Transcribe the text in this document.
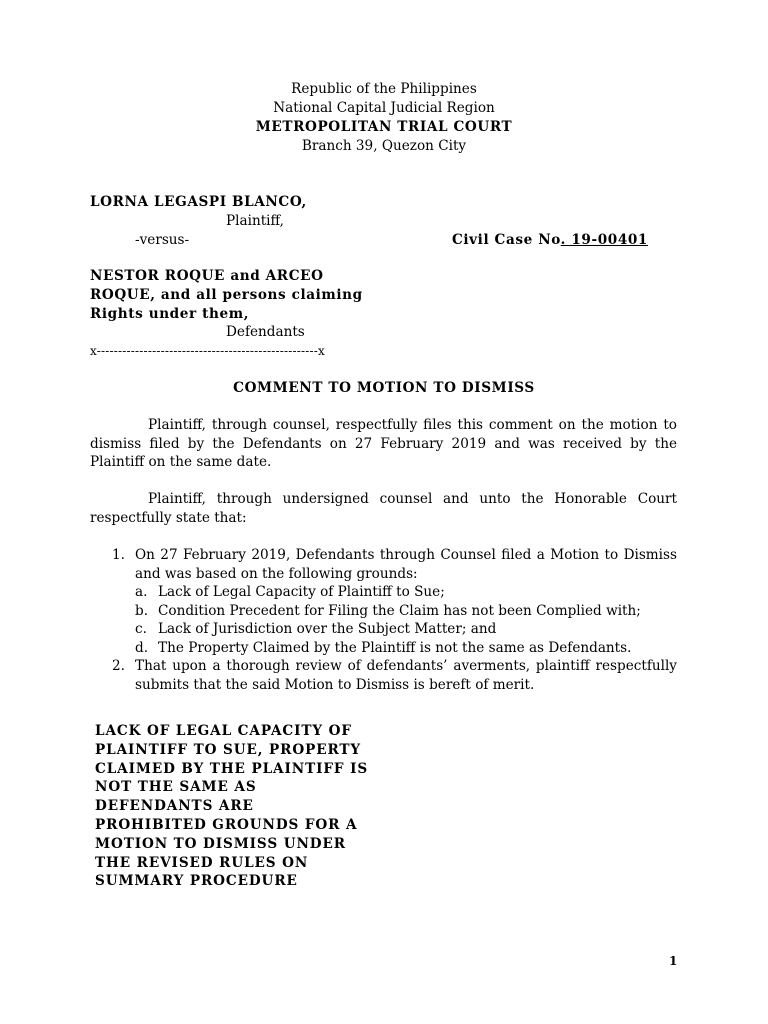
Republic of the Philippines
National Capital Judicial Region
METROPOLITAN TRIAL COURT
Branch 39, Quezon City
LORNA LEGASPI BLANCO,
Plaintiff,
-versus-	Civil Case No. 19-00401
NESTOR ROQUE and ARCEO
ROQUE, and all persons claiming
Rights under them,
Defendants
x----------------------------------------------------x
COMMENT TO MOTION TO DISMISS
Plaintiff, through counsel, respectfully files this comment on the motion to dismiss filed by the Defendants on 27 February 2019 and was received by the Plaintiff on the same date.
Plaintiff, through undersigned counsel and unto the Honorable Court respectfully state that:
1. On 27 February 2019, Defendants through Counsel filed a Motion to Dismiss and was based on the following grounds:
a. Lack of Legal Capacity of Plaintiff to Sue;
b. Condition Precedent for Filing the Claim has not been Complied with;
c. Lack of Jurisdiction over the Subject Matter; and
d. The Property Claimed by the Plaintiff is not the same as Defendants.
2. That upon a thorough review of defendants’ averments, plaintiff respectfully submits that the said Motion to Dismiss is bereft of merit.
LACK OF LEGAL CAPACITY OF
PLAINTIFF TO SUE, PROPERTY
CLAIMED BY THE PLAINTIFF IS
NOT THE SAME AS
DEFENDANTS ARE
PROHIBITED GROUNDS FOR A
MOTION TO DISMISS UNDER
THE REVISED RULES ON
SUMMARY PROCEDURE
1
